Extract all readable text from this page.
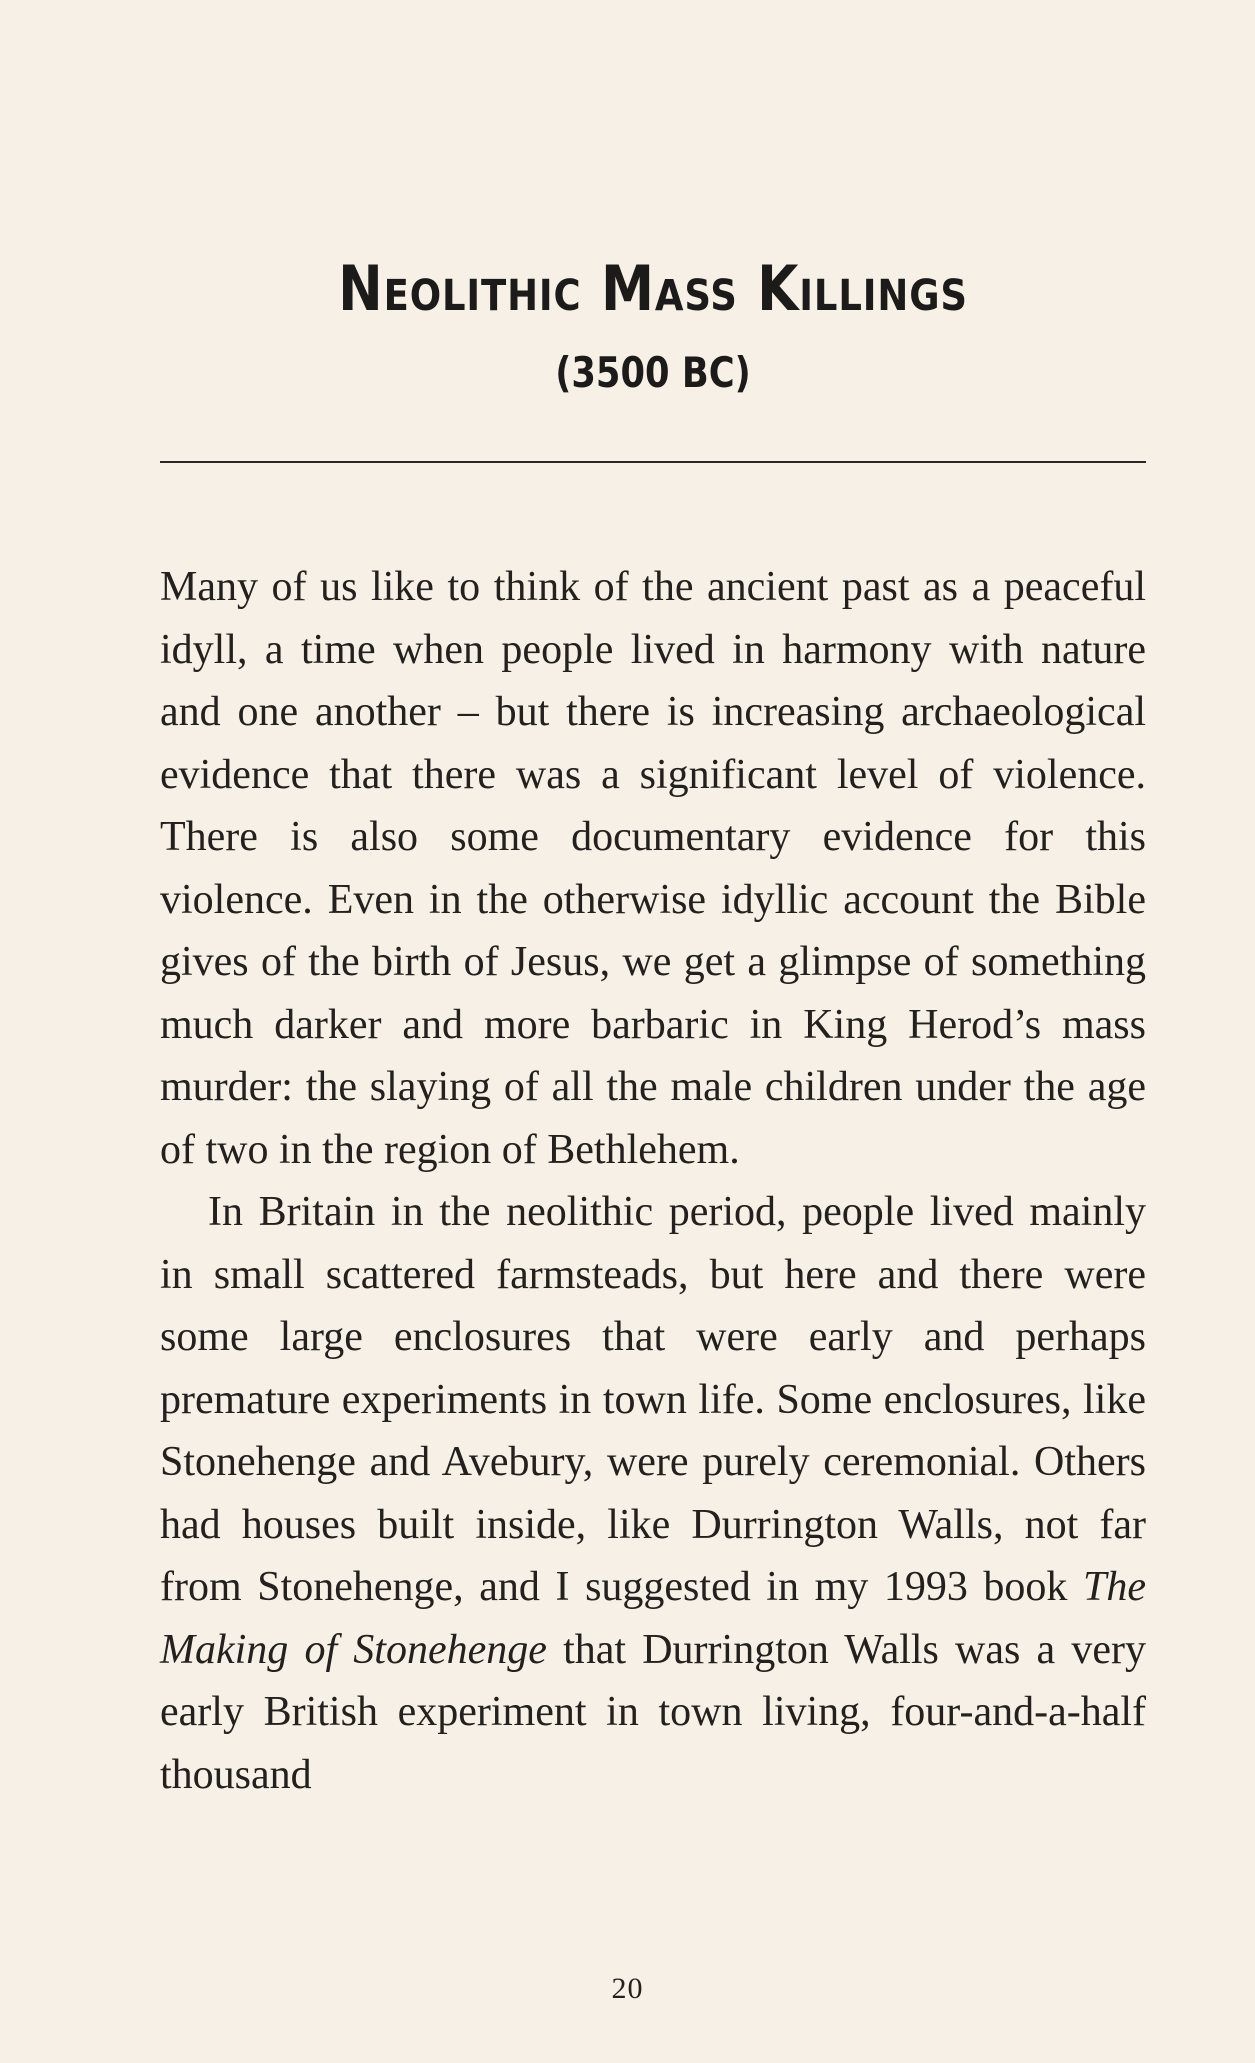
Neolithic Mass Killings
(3500 BC)

Many of us like to think of the ancient past as a peaceful idyll, a time when people lived in harmony with nature and one another – but there is increasing archaeological evidence that there was a significant level of violence. There is also some documentary evidence for this violence. Even in the otherwise idyllic account the Bible gives of the birth of Jesus, we get a glimpse of something much darker and more barbaric in King Herod’s mass murder: the slaying of all the male children under the age of two in the region of Bethlehem.

In Britain in the neolithic period, people lived mainly in small scattered farmsteads, but here and there were some large enclosures that were early and perhaps premature experiments in town life. Some enclosures, like Stonehenge and Avebury, were purely ceremonial. Others had houses built inside, like Durrington Walls, not far from Stonehenge, and I suggested in my 1993 book The Making of Stonehenge that Durrington Walls was a very early British experiment in town living, four-and-a-half thousand

20
